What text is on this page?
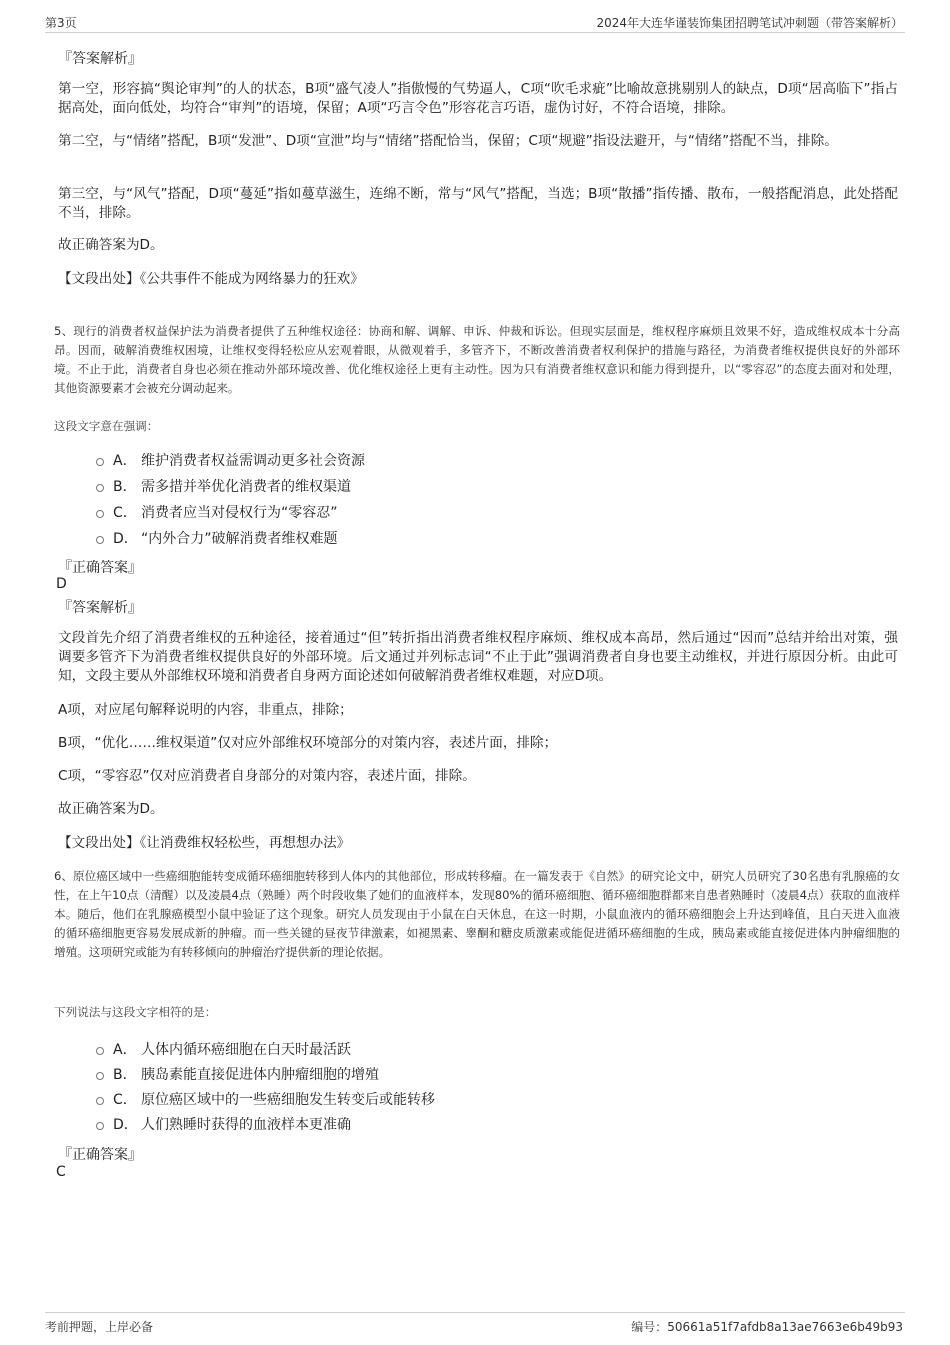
第3页	2024年大连华谨装饰集团招聘笔试冲刺题（带答案解析）
『答案解析』
第一空，形容搞“舆论审判”的人的状态，B项“盛气凌人”指傲慢的气势逼人，C项“吹毛求疵”比喻故意挑剔别人的缺点，D项“居高临下”指占据高处，面向低处，均符合“审判”的语境，保留；A项“巧言令色”形容花言巧语，虚伪讨好，不符合语境，排除。
第二空，与“情绪”搭配，B项“发泄”、D项“宣泄”均与“情绪”搭配恰当，保留；C项“规避”指设法避开，与“情绪”搭配不当，排除。
第三空，与“风气”搭配，D项“蔓延”指如蔓草滋生，连绵不断，常与“风气”搭配，当选；B项“散播”指传播、散布，一般搭配消息，此处搭配不当，排除。
故正确答案为D。
【文段出处】《公共事件不能成为网络暴力的狂欢》
5、现行的消费者权益保护法为消费者提供了五种维权途径：协商和解、调解、申诉、仲裁和诉讼。但现实层面是，维权程序麻烦且效果不好，造成维权成本十分高昂。因而，破解消费维权困境，让维权变得轻松应从宏观着眼，从微观着手，多管齐下，不断改善消费者权利保护的措施与路径，为消费者维权提供良好的外部环境。不止于此，消费者自身也必须在推动外部环境改善、优化维权途径上更有主动性。因为只有消费者维权意识和能力得到提升，以“零容忍”的态度去面对和处理，其他资源要素才会被充分调动起来。
这段文字意在强调：
A． 维护消费者权益需调动更多社会资源
B． 需多措并举优化消费者的维权渠道
C． 消费者应当对侵权行为“零容忍”
D． “内外合力”破解消费者维权难题
『正确答案』
D
『答案解析』
文段首先介绍了消费者维权的五种途径，接着通过“但”转折指出消费者维权程序麻烦、维权成本高昂，然后通过“因而”总结并给出对策，强调要多管齐下为消费者维权提供良好的外部环境。后文通过并列标志词“不止于此”强调消费者自身也要主动维权，并进行原因分析。由此可知，文段主要从外部维权环境和消费者自身两方面论述如何破解消费者维权难题，对应D项。
A项，对应尾句解释说明的内容，非重点，排除；
B项，“优化……维权渠道”仅对应外部维权环境部分的对策内容，表述片面，排除；
C项，“零容忍”仅对应消费者自身部分的对策内容，表述片面，排除。
故正确答案为D。
【文段出处】《让消费维权轻松些，再想想办法》
6、原位癌区域中一些癌细胞能转变成循环癌细胞转移到人体内的其他部位，形成转移瘤。在一篇发表于《自然》的研究论文中，研究人员研究了30名患有乳腺癌的女性，在上午10点（清醒）以及凌晨4点（熟睡）两个时段收集了她们的血液样本，发现80%的循环癌细胞、循环癌细胞群都来自患者熟睡时（凌晨4点）获取的血液样本。随后，他们在乳腺癌模型小鼠中验证了这个现象。研究人员发现由于小鼠在白天休息，在这一时期，小鼠血液内的循环癌细胞会上升达到峰值，且白天进入血液的循环癌细胞更容易发展成新的肿瘤。而一些关键的昼夜节律激素，如褪黑素、睾酮和糖皮质激素或能促进循环癌细胞的生成，胰岛素或能直接促进体内肿瘤细胞的增殖。这项研究或能为有转移倾向的肿瘤治疗提供新的理论依据。
下列说法与这段文字相符的是：
A． 人体内循环癌细胞在白天时最活跃
B． 胰岛素能直接促进体内肿瘤细胞的增殖
C． 原位癌区域中的一些癌细胞发生转变后或能转移
D． 人们熟睡时获得的血液样本更准确
『正确答案』
C
考前押题，上岸必备	编号：50661a51f7afdb8a13ae7663e6b49b93
